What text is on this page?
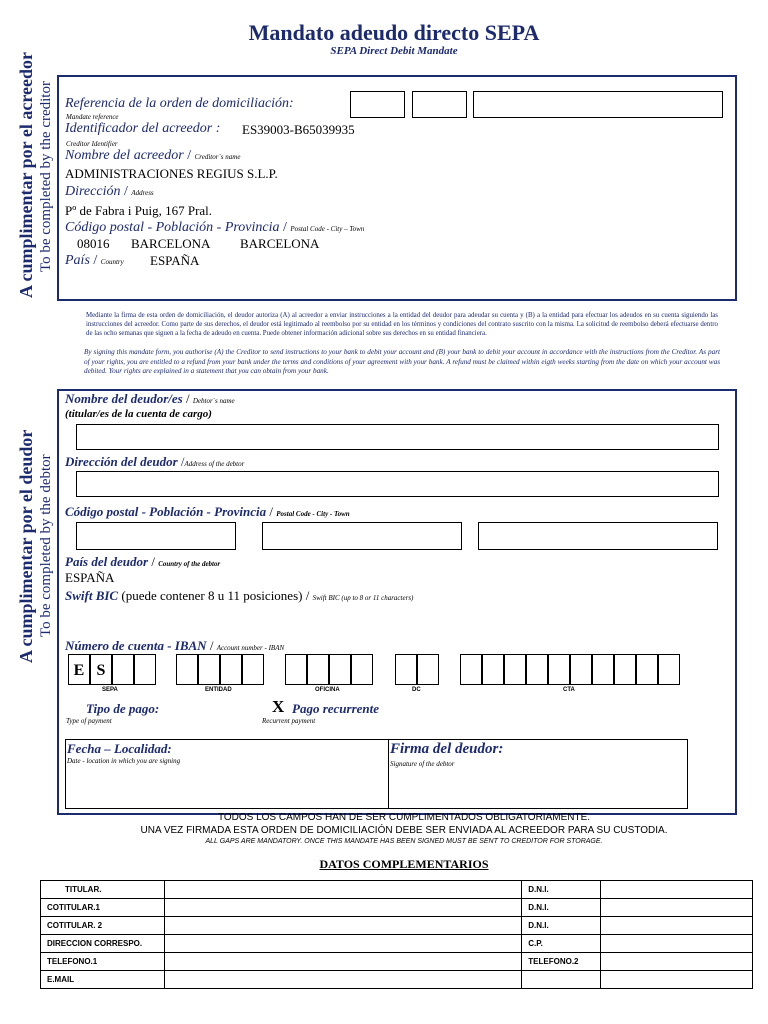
Mandato adeudo directo SEPA
SEPA Direct Debit Mandate
A cumplimentar por el acreedor To be completed by the creditor Referencia de la orden de domiciliación:
Mandate reference
Identificador del acreedor : ES39003-B65039935
Creditor Identifier
Nombre del acreedor / Creditor´s name
ADMINISTRACIONES REGIUS S.L.P.
Dirección / Address
Pº de Fabra i Puig, 167 Pral.
Código postal - Población - Provincia / Postal Code - City – Town
08016 BARCELONA BARCELONA
País / Country ESPAÑA
Mediante la firma de esta orden de domiciliación, el deudor autoriza (A) al acreedor a enviar instrucciones a la entidad del deudor para adeudar su cuenta y (B) a la entidad para efectuar los adeudos en su cuenta siguiendo las instrucciones del acreedor. Como parte de sus derechos, el deudor está legitimado al reembolso por su entidad en los términos y condiciones del contrato suscrito con la misma. La solicitud de reembolso deberá efectuarse dentro de las ocho semanas que siguen a la fecha de adeudo en cuenta. Puede obtener información adicional sobre sus derechos en su entidad financiera.
By signing this mandate form, you authorise (A) the Creditor to send instructions to your bank to debit your account and (B) your bank to debit your account in accordance with the instructions from the Creditor. As part of your rights, you are entitled to a refund from your bank under the terms and conditions of your agreement with your bank. A refund must be claimed within eigth weeks starting from the date on which your account was debited. Your rights are explained in a statement that you can obtain from your bank.
A cumplimentar por el deudor To be completed by the debtor
Nombre del deudor/es / Debtor´s name
(titular/es de la cuenta de cargo)
Dirección del deudor /Address of the debtor
Código postal - Población - Provincia / Postal Code - City - Town
País del deudor / Country of the debtor
ESPAÑA
Swift BIC (puede contener 8 u 11 posiciones) / Swift BIC (up to 8 or 11 characters)
Número de cuenta - IBAN / Account number - IBAN
E S
SEPA	ENTIDAD	OFICINA	DC	CTA
Tipo de pago:
Type of payment
X Pago recurrente
Recurrent payment
Fecha – Localidad:
Date - location in which you are signing
Firma del deudor:
Signature of the debtor
TODOS LOS CAMPOS HAN DE SER CUMPLIMENTADOS OBLIGATORIAMENTE.
UNA VEZ FIRMADA ESTA ORDEN DE DOMICILIACIÓN DEBE SER ENVIADA AL ACREEDOR PARA SU CUSTODIA.
ALL GAPS ARE MANDATORY. ONCE THIS MANDATE HAS BEEN SIGNED MUST BE SENT TO CREDITOR FOR STORAGE.
DATOS COMPLEMENTARIOS
TITULAR.		D.N.I.	
COTITULAR.1		D.N.I.	
COTITULAR. 2		D.N.I.	
DIRECCION CORRESPO.		C.P.	
TELEFONO.1		TELEFONO.2	
E.MAIL			
